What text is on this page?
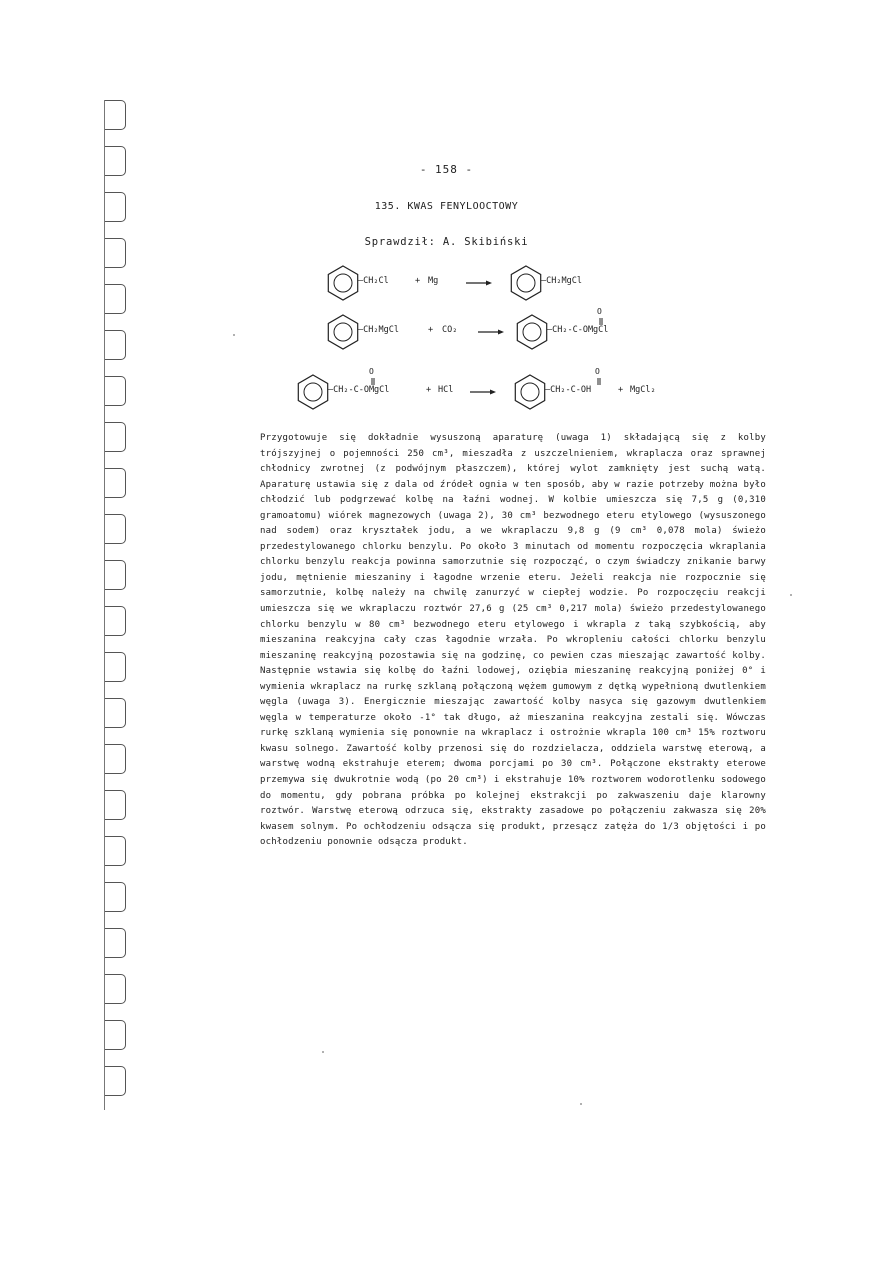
- 158 -
135. KWAS FENYLOOCTOWY
Sprawdził: A. Skibiński
—CH₂Cl	+ Mg	—CH₂MgCl
—CH₂MgCl	+ CO₂
O
—CH₂-C-OMgCl
O
—CH₂-C-OMgCl	+ HCl
O
—CH₂-C-OH	+ MgCl₂
Przygotowuje się dokładnie wysuszoną aparaturę (uwaga 1) składającą się z kolby trójszyjnej o pojemności 250 cm³, mieszadła z uszczelnieniem, wkraplacza oraz sprawnej chłodnicy zwrotnej (z podwójnym płaszczem), której wylot zamknięty jest suchą watą. Aparaturę ustawia się z dala od źródeł ognia w ten sposób, aby w razie potrzeby można było chłodzić lub podgrzewać kolbę na łaźni wodnej. W kolbie umieszcza się 7,5 g (0,310 gramoatomu) wiórek magnezowych (uwaga 2), 30 cm³ bezwodnego eteru etylowego (wysuszonego nad sodem) oraz kryształek jodu, a we wkraplaczu 9,8 g (9 cm³ 0,078 mola) świeżo przedestylowanego chlorku benzylu. Po około 3 minutach od momentu rozpoczęcia wkraplania chlorku benzylu reakcja powinna samorzutnie się rozpocząć, o czym świadczy znikanie barwy jodu, mętnienie mieszaniny i łagodne wrzenie eteru. Jeżeli reakcja nie rozpocznie się samorzutnie, kolbę należy na chwilę zanurzyć w ciepłej wodzie. Po rozpoczęciu reakcji umieszcza się we wkraplaczu roztwór 27,6 g (25 cm³ 0,217 mola) świeżo przedestylowanego chlorku benzylu w 80 cm³ bezwodnego eteru etylowego i wkrapla z taką szybkością, aby mieszanina reakcyjna cały czas łagodnie wrzała. Po wkropleniu całości chlorku benzylu mieszaninę reakcyjną pozostawia się na godzinę, co pewien czas mieszając zawartość kolby. Następnie wstawia się kolbę do łaźni lodowej, oziębia mieszaninę reakcyjną poniżej 0° i wymienia wkraplacz na rurkę szklaną połączoną wężem gumowym z dętką wypełnioną dwutlenkiem węgla (uwaga 3). Energicznie mieszając zawartość kolby nasyca się gazowym dwutlenkiem węgla w temperaturze około -1° tak długo, aż mieszanina reakcyjna zestali się. Wówczas rurkę szklaną wymienia się ponownie na wkraplacz i ostrożnie wkrapla 100 cm³ 15% roztworu kwasu solnego. Zawartość kolby przenosi się do rozdzielacza, oddziela warstwę eterową, a warstwę wodną ekstrahuje eterem; dwoma porcjami po 30 cm³. Połączone ekstrakty eterowe przemywa się dwukrotnie wodą (po 20 cm³) i ekstrahuje 10% roztworem wodorotlenku sodowego do momentu, gdy pobrana próbka po kolejnej ekstrakcji po zakwaszeniu daje klarowny roztwór. Warstwę eterową odrzuca się, ekstrakty zasadowe po połączeniu zakwasza się 20% kwasem solnym. Po ochłodzeniu odsącza się produkt, przesącz zatęża do 1/3 objętości i po ochłodzeniu ponownie odsącza produkt.
